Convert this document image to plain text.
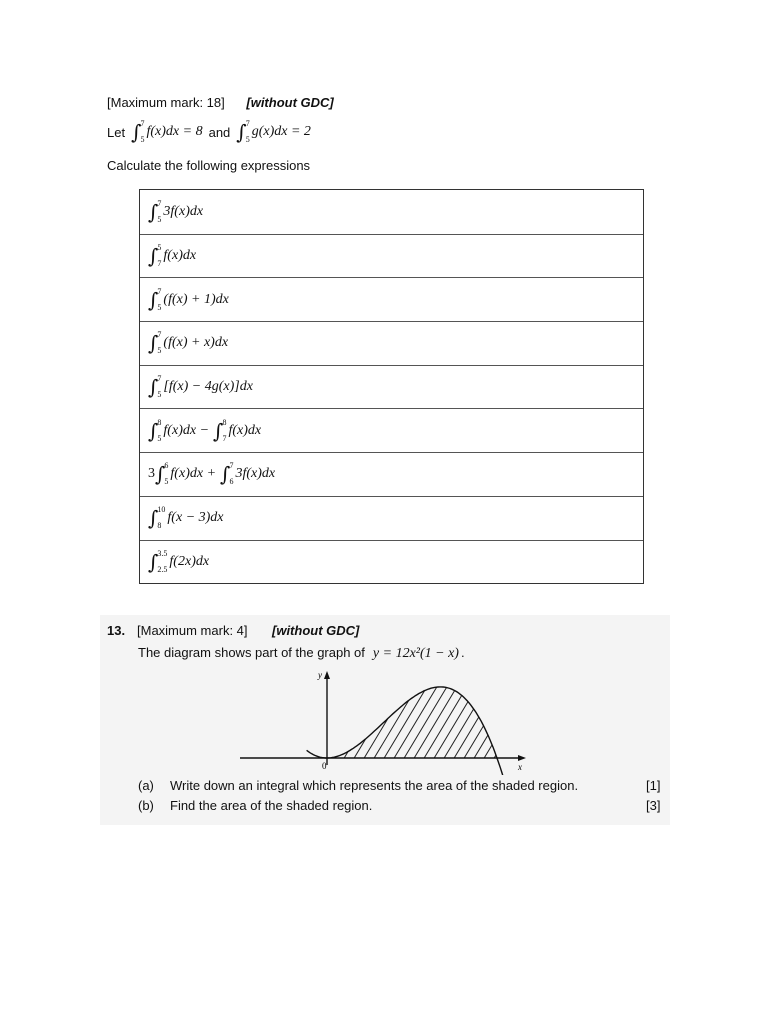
[Maximum mark: 18] [without GDC]
Let ∫ 7
5
f(x)dx = 8 and ∫ 7
5
g(x)dx = 2
Calculate the following expressions
∫ 7
5
3f(x)dx
∫ 5
7
f(x)dx
∫ 7
5
(f(x) + 1)dx
∫ 7
5
(f(x) + x)dx
∫ 7
5
[f(x) − 4g(x)]dx
∫ 8
5
f(x)dx − ∫ 8
7
f(x)dx
3 ∫ 6
5
f(x)dx + ∫ 7
6
3f(x)dx
∫ 10
8
f(x − 3)dx
∫ 3.5
2.5
f(2x)dx
13. [Maximum mark: 4] [without GDC]
The diagram shows part of the graph of y = 12x²(1 − x) .
y
x
0
(a) Write down an integral which represents the area of the shaded region.	[1]
(b) Find the area of the shaded region.	[3]
